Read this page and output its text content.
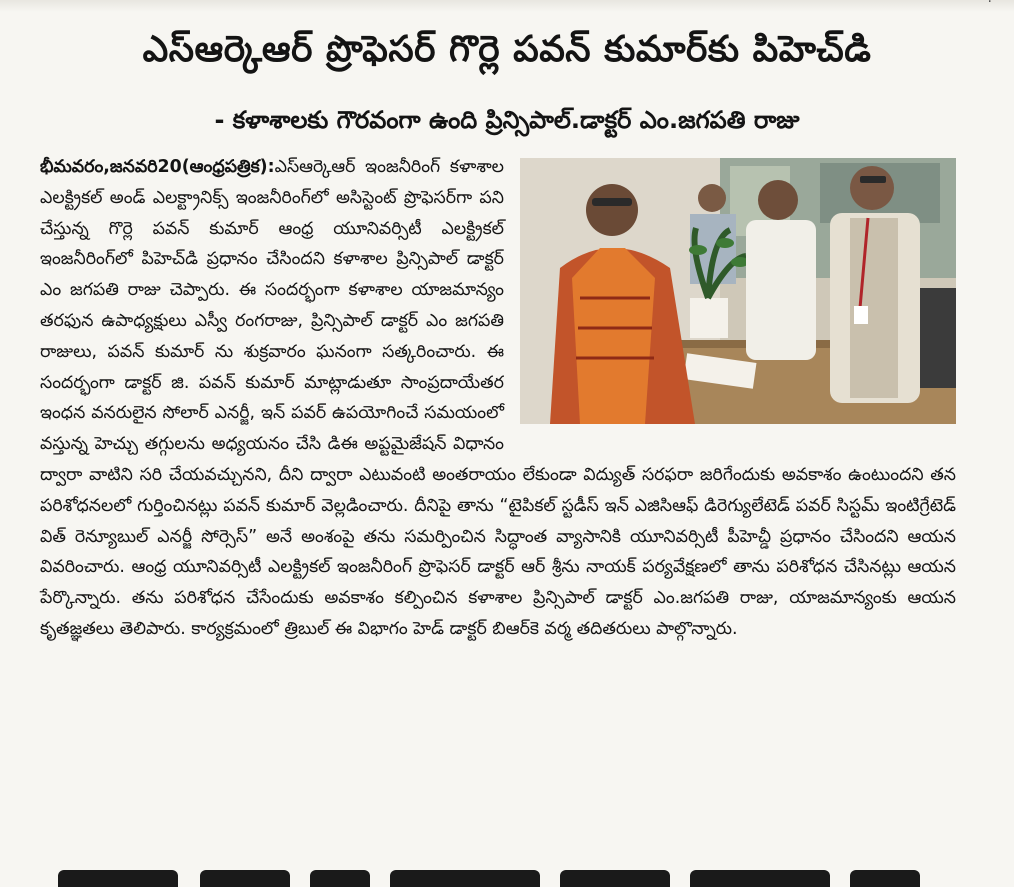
·
ఎస్ఆర్కెఆర్ ప్రొఫెసర్ గొర్లె పవన్ కుమార్‌కు పిహెచ్‌డి
- కళాశాలకు గౌరవంగా ఉంది ప్రిన్సిపాల్.డాక్టర్ ఎం.జగపతి రాజు
భీమవరం,జనవరి20(ఆంధ్రపత్రిక):ఎస్ఆర్కెఆర్ ఇంజనీరింగ్ కళాశాల ఎలక్ట్రికల్ అండ్ ఎలక్ట్రానిక్స్ ఇంజనీరింగ్‌లో అసిస్టెంట్ ప్రొఫెసర్‌గా పని చేస్తున్న గొర్లె పవన్ కుమార్ ఆంధ్ర యూనివర్సిటీ ఎలక్ట్రికల్ ఇంజనీరింగ్‌లో పిహెచ్‌డి ప్రధానం చేసిందని కళాశాల ప్రిన్సిపాల్ డాక్టర్ ఎం జగపతి రాజు చెప్పారు. ఈ సందర్భంగా కళాశాల యాజమాన్యం తరఫున ఉపాధ్యక్షులు ఎస్వీ రంగరాజు, ప్రిన్సిపాల్ డాక్టర్ ఎం జగపతి రాజులు, పవన్ కుమార్ ను శుక్రవారం ఘనంగా సత్కరించారు. ఈ సందర్భంగా డాక్టర్ జి. పవన్ కుమార్ మాట్లాడుతూ సాంప్రదాయేతర ఇంధన వనరులైన సోలార్ ఎనర్జీ, ఇన్ పవర్ ఉపయోగించే సమయంలో వస్తున్న హెచ్చు తగ్గులను అధ్యయనం చేసి డిఈ అప్టమైజేషన్ విధానం ద్వారా వాటిని సరి చేయవచ్చునని, దీని ద్వారా ఎటువంటి అంతరాయం లేకుండా విద్యుత్ సరఫరా జరిగేందుకు అవకాశం ఉంటుందని తన పరిశోధనలలో గుర్తించినట్లు పవన్ కుమార్ వెల్లడించారు. దీనిపై తాను “టైపికల్ స్టడీస్ ఇన్ ఎజిసిఆఫ్ డిరెగ్యులేటెడ్ పవర్ సిస్టమ్ ఇంటిగ్రేటెడ్ విత్ రెన్యూబుల్ ఎనర్జీ సోర్సెస్” అనే అంశంపై తను సమర్పించిన సిద్ధాంత వ్యాసానికి యూనివర్సిటీ పీహెచ్డీ ప్రధానం చేసిందని ఆయన వివరించారు. ఆంధ్ర యూనివర్సిటీ ఎలక్ట్రికల్ ఇంజనీరింగ్ ప్రొఫెసర్ డాక్టర్ ఆర్ శ్రీను నాయక్ పర్యవేక్షణలో తాను పరిశోధన చేసినట్లు ఆయన పేర్కొన్నారు. తను పరిశోధన చేసేందుకు అవకాశం కల్పించిన కళాశాల ప్రిన్సిపాల్ డాక్టర్ ఎం.జగపతి రాజు, యాజమాన్యంకు ఆయన కృతజ్ఞతలు తెలిపారు. కార్యక్రమంలో త్రిబుల్ ఈ విభాగం హెడ్ డాక్టర్ బిఆర్‌కె వర్మ తదితరులు పాల్గొన్నారు.
